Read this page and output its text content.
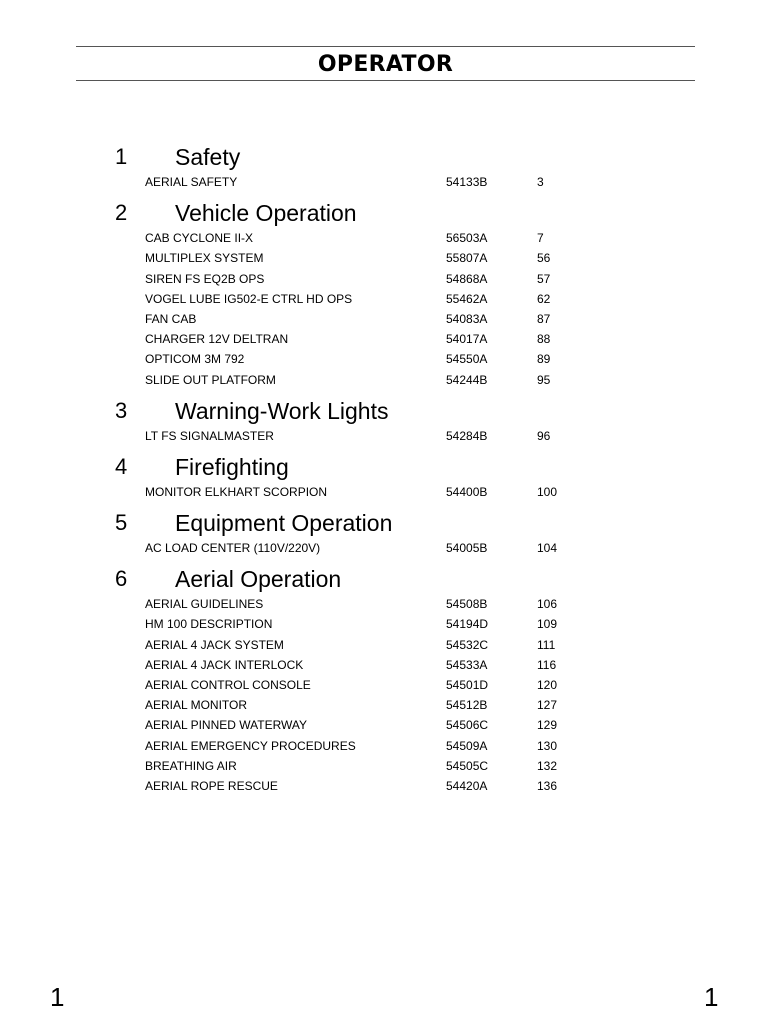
OPERATOR
1 Safety
AERIAL SAFETY	54133B	3
2 Vehicle Operation
CAB CYCLONE II-X	56503A	7
MULTIPLEX SYSTEM	55807A	56
SIREN FS EQ2B OPS	54868A	57
VOGEL LUBE IG502-E CTRL HD OPS	55462A	62
FAN CAB	54083A	87
CHARGER 12V DELTRAN	54017A	88
OPTICOM 3M 792	54550A	89
SLIDE OUT PLATFORM	54244B	95
3 Warning-Work Lights
LT FS SIGNALMASTER	54284B	96
4 Firefighting
MONITOR ELKHART SCORPION	54400B	100
5 Equipment Operation
AC LOAD CENTER (110V/220V)	54005B	104
6 Aerial Operation
AERIAL GUIDELINES	54508B	106
HM 100 DESCRIPTION	54194D	109
AERIAL 4 JACK SYSTEM	54532C	111
AERIAL 4 JACK INTERLOCK	54533A	116
AERIAL CONTROL CONSOLE	54501D	120
AERIAL MONITOR	54512B	127
AERIAL PINNED WATERWAY	54506C	129
AERIAL EMERGENCY PROCEDURES	54509A	130
BREATHING AIR	54505C	132
AERIAL ROPE RESCUE	54420A	136
1	1
